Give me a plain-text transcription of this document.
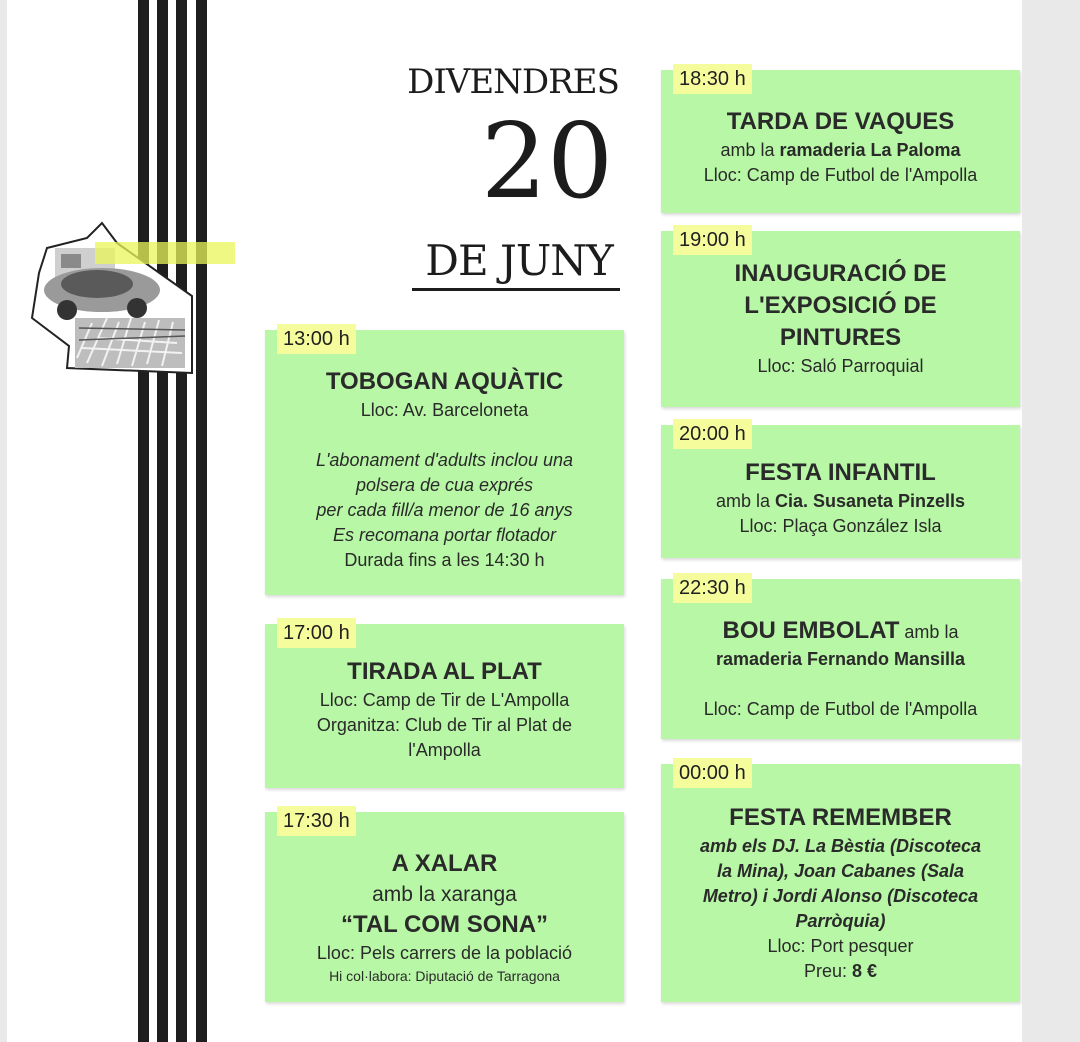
DIVENDRES
20
DE JUNY
13:00 h
TOBOGAN AQUÀTIC
Lloc: Av. Barceloneta
L'abonament d'adults inclou una
polsera de cua exprés
per cada fill/a menor de 16 anys
Es recomana portar flotador
Durada fins a les 14:30 h
17:00 h
TIRADA AL PLAT
Lloc: Camp de Tir de L'Ampolla
Organitza: Club de Tir al Plat de
l'Ampolla
17:30 h
A XALAR
amb la xaranga
“TAL COM SONA”
Lloc: Pels carrers de la població
Hi col·labora: Diputació de Tarragona
18:30 h
TARDA DE VAQUES
amb la ramaderia La Paloma
Lloc: Camp de Futbol de l'Ampolla
19:00 h
INAUGURACIÓ DE
L'EXPOSICIÓ DE
PINTURES
Lloc: Saló Parroquial
20:00 h
FESTA INFANTIL
amb la Cia. Susaneta Pinzells
Lloc: Plaça González Isla
22:30 h
BOU EMBOLAT amb la
ramaderia Fernando Mansilla
Lloc: Camp de Futbol de l'Ampolla
00:00 h
FESTA REMEMBER
amb els DJ. La Bèstia (Discoteca
la Mina), Joan Cabanes (Sala
Metro) i Jordi Alonso (Discoteca
Parròquia)
Lloc: Port pesquer
Preu: 8 €
